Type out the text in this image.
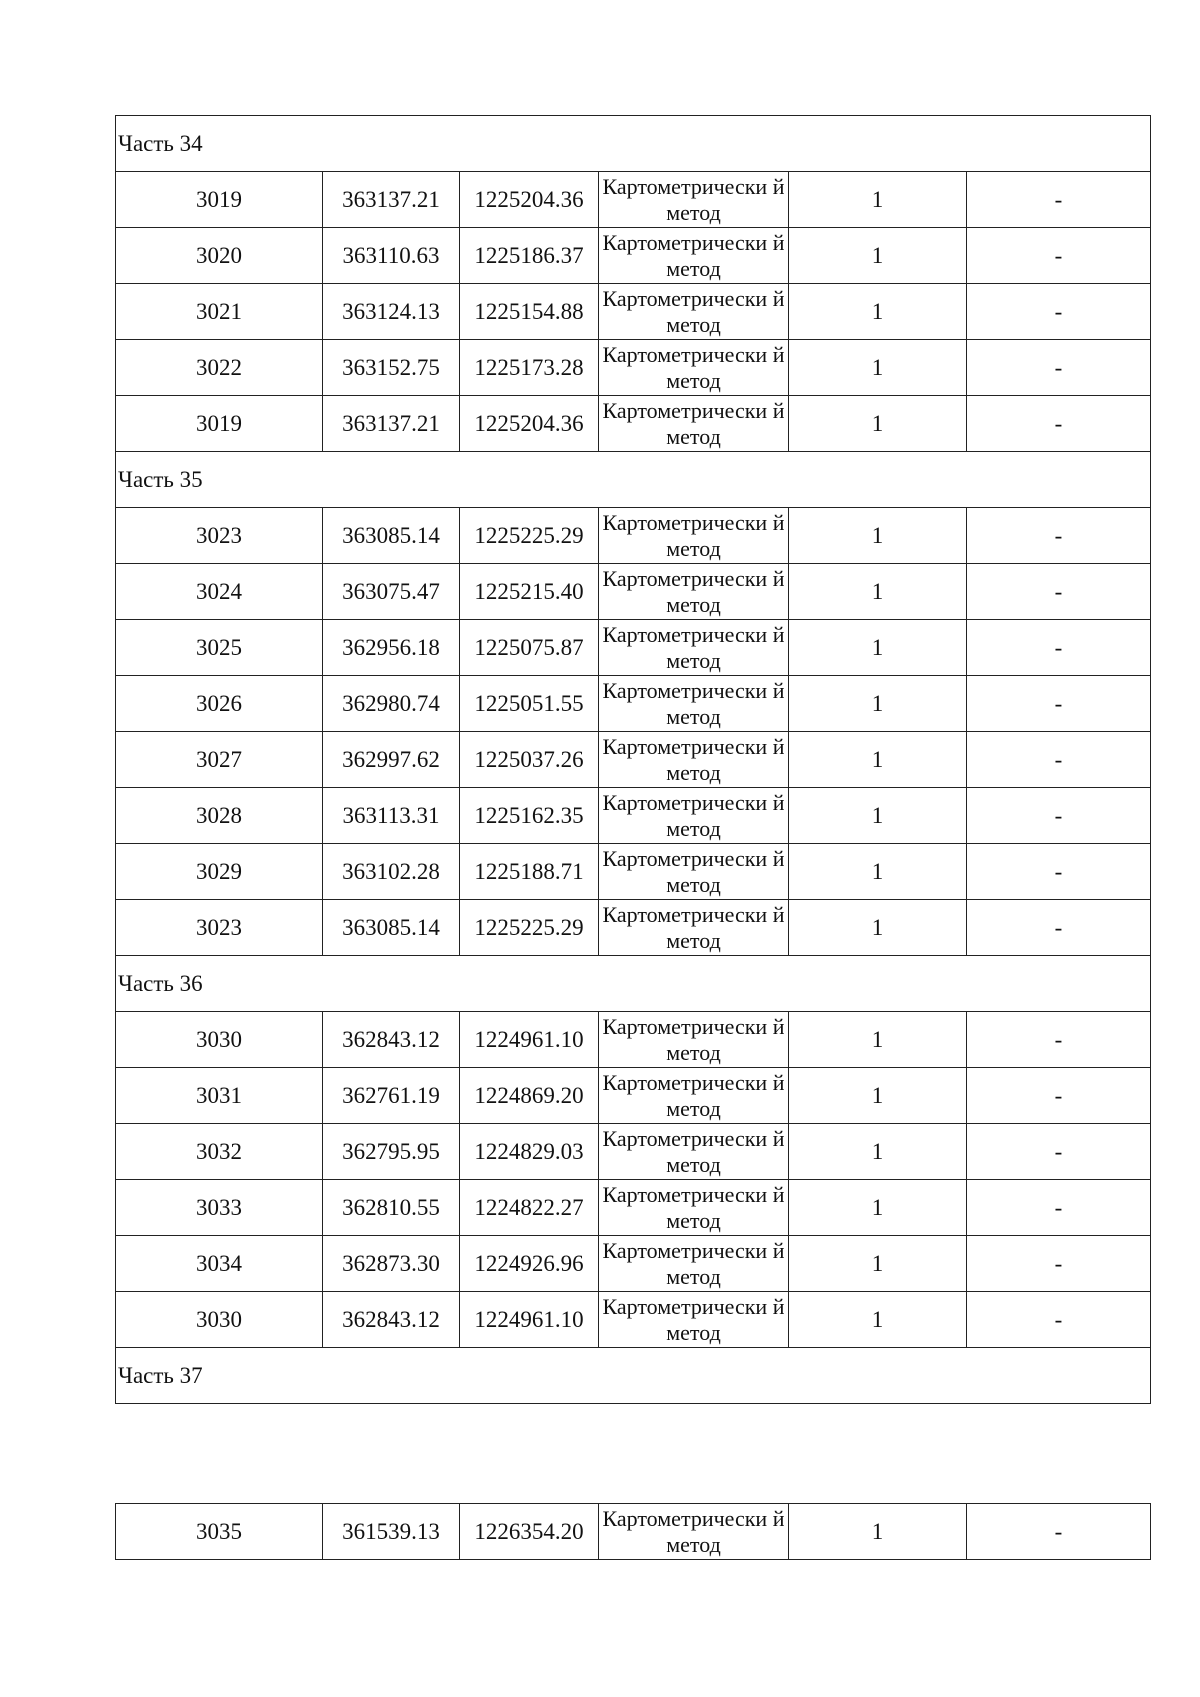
Часть 34					
3019	363137.21	1225204.36	Картометрически й метод	1	-
3020	363110.63	1225186.37	Картометрически й метод	1	-
3021	363124.13	1225154.88	Картометрически й метод	1	-
3022	363152.75	1225173.28	Картометрически й метод	1	-
3019	363137.21	1225204.36	Картометрически й метод	1	-
Часть 35					
3023	363085.14	1225225.29	Картометрически й метод	1	-
3024	363075.47	1225215.40	Картометрически й метод	1	-
3025	362956.18	1225075.87	Картометрически й метод	1	-
3026	362980.74	1225051.55	Картометрически й метод	1	-
3027	362997.62	1225037.26	Картометрически й метод	1	-
3028	363113.31	1225162.35	Картометрически й метод	1	-
3029	363102.28	1225188.71	Картометрически й метод	1	-
3023	363085.14	1225225.29	Картометрически й метод	1	-
Часть 36					
3030	362843.12	1224961.10	Картометрически й метод	1	-
3031	362761.19	1224869.20	Картометрически й метод	1	-
3032	362795.95	1224829.03	Картометрически й метод	1	-
3033	362810.55	1224822.27	Картометрически й метод	1	-
3034	362873.30	1224926.96	Картометрически й метод	1	-
3030	362843.12	1224961.10	Картометрически й метод	1	-
Часть 37					
3035	361539.13	1226354.20	Картометрически й метод	1	-
